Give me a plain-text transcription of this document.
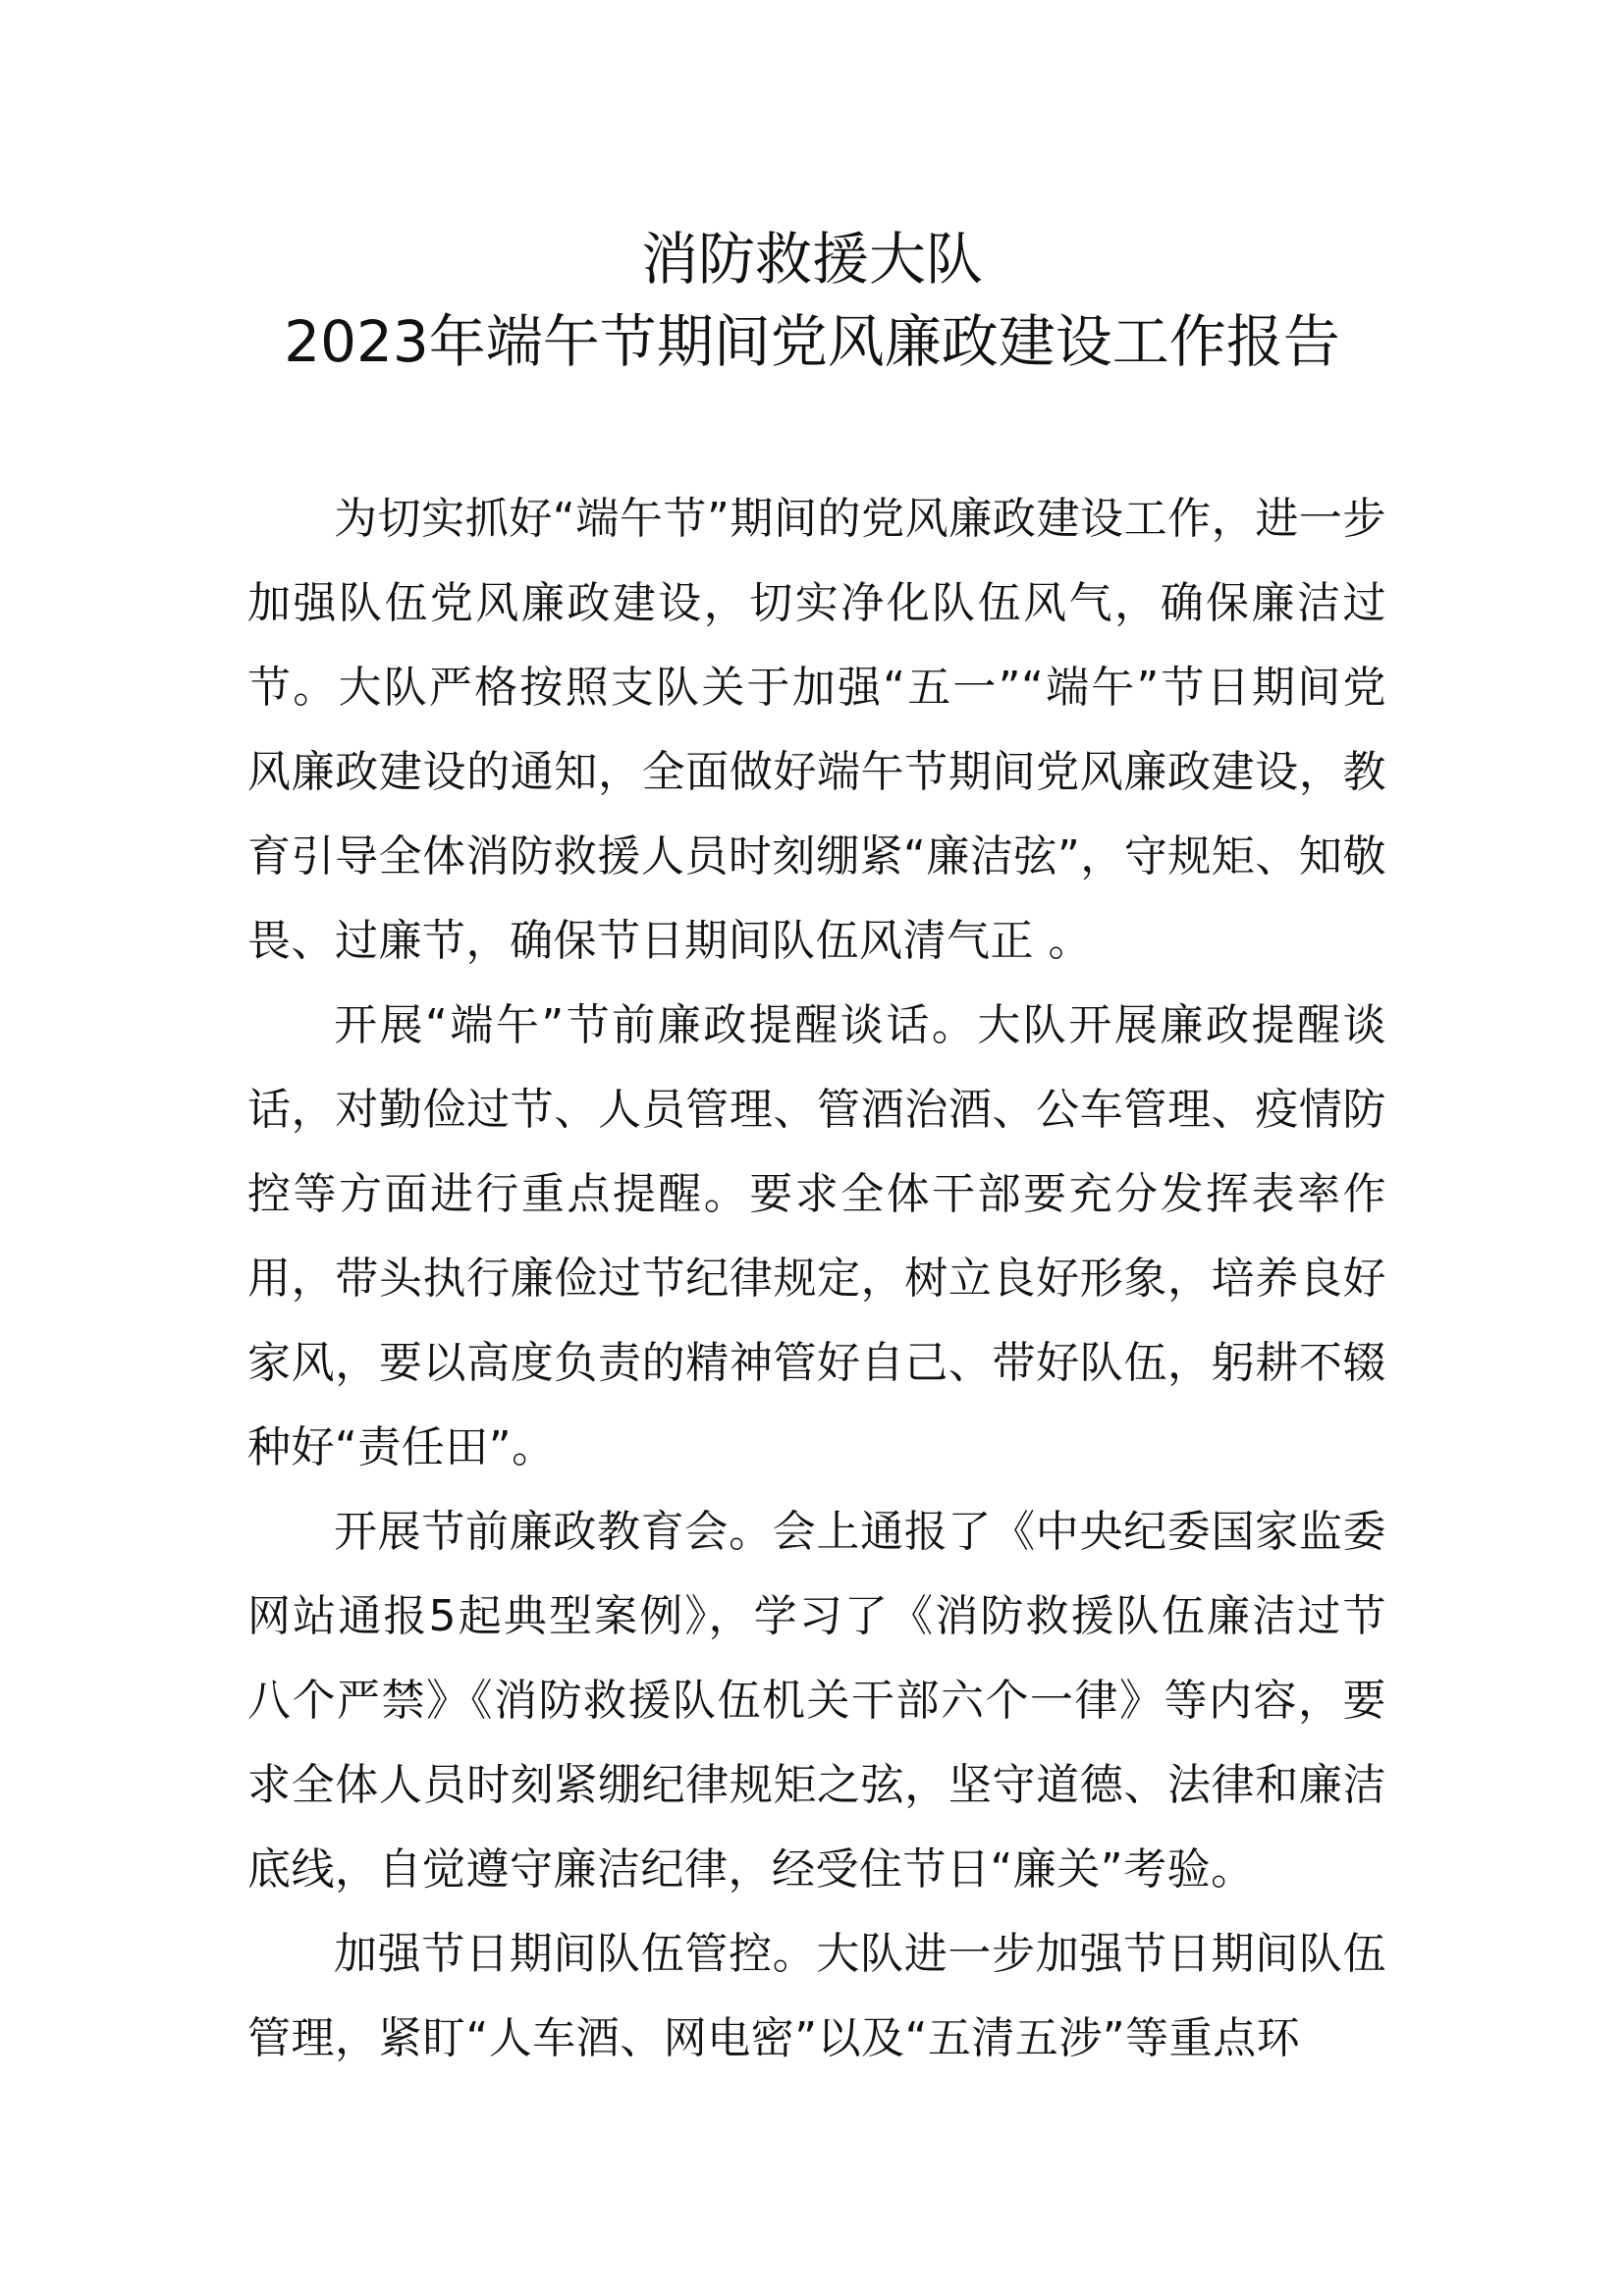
消防救援大队
2023年端午节期间党风廉政建设工作报告

为切实抓好“端午节”期间的党风廉政建设工作，进一步加强队伍党风廉政建设，切实净化队伍风气，确保廉洁过节。大队严格按照支队关于加强“五一”“端午”节日期间党风廉政建设的通知，全面做好端午节期间党风廉政建设，教育引导全体消防救援人员时刻绷紧“廉洁弦”，守规矩、知敬畏、过廉节，确保节日期间队伍风清气正 。

开展“端午”节前廉政提醒谈话。大队开展廉政提醒谈话，对勤俭过节、人员管理、管酒治酒、公车管理、疫情防控等方面进行重点提醒。要求全体干部要充分发挥表率作用，带头执行廉俭过节纪律规定，树立良好形象，培养良好家风，要以高度负责的精神管好自己、带好队伍，躬耕不辍种好“责任田”。

开展节前廉政教育会。会上通报了《中央纪委国家监委网站通报5起典型案例》，学习了《消防救援队伍廉洁过节八个严禁》《消防救援队伍机关干部六个一律》等内容，要求全体人员时刻紧绷纪律规矩之弦，坚守道德、法律和廉洁底线，自觉遵守廉洁纪律，经受住节日“廉关”考验。

加强节日期间队伍管控。大队进一步加强节日期间队伍管理，紧盯“人车酒、网电密”以及“五清五涉”等重点环
